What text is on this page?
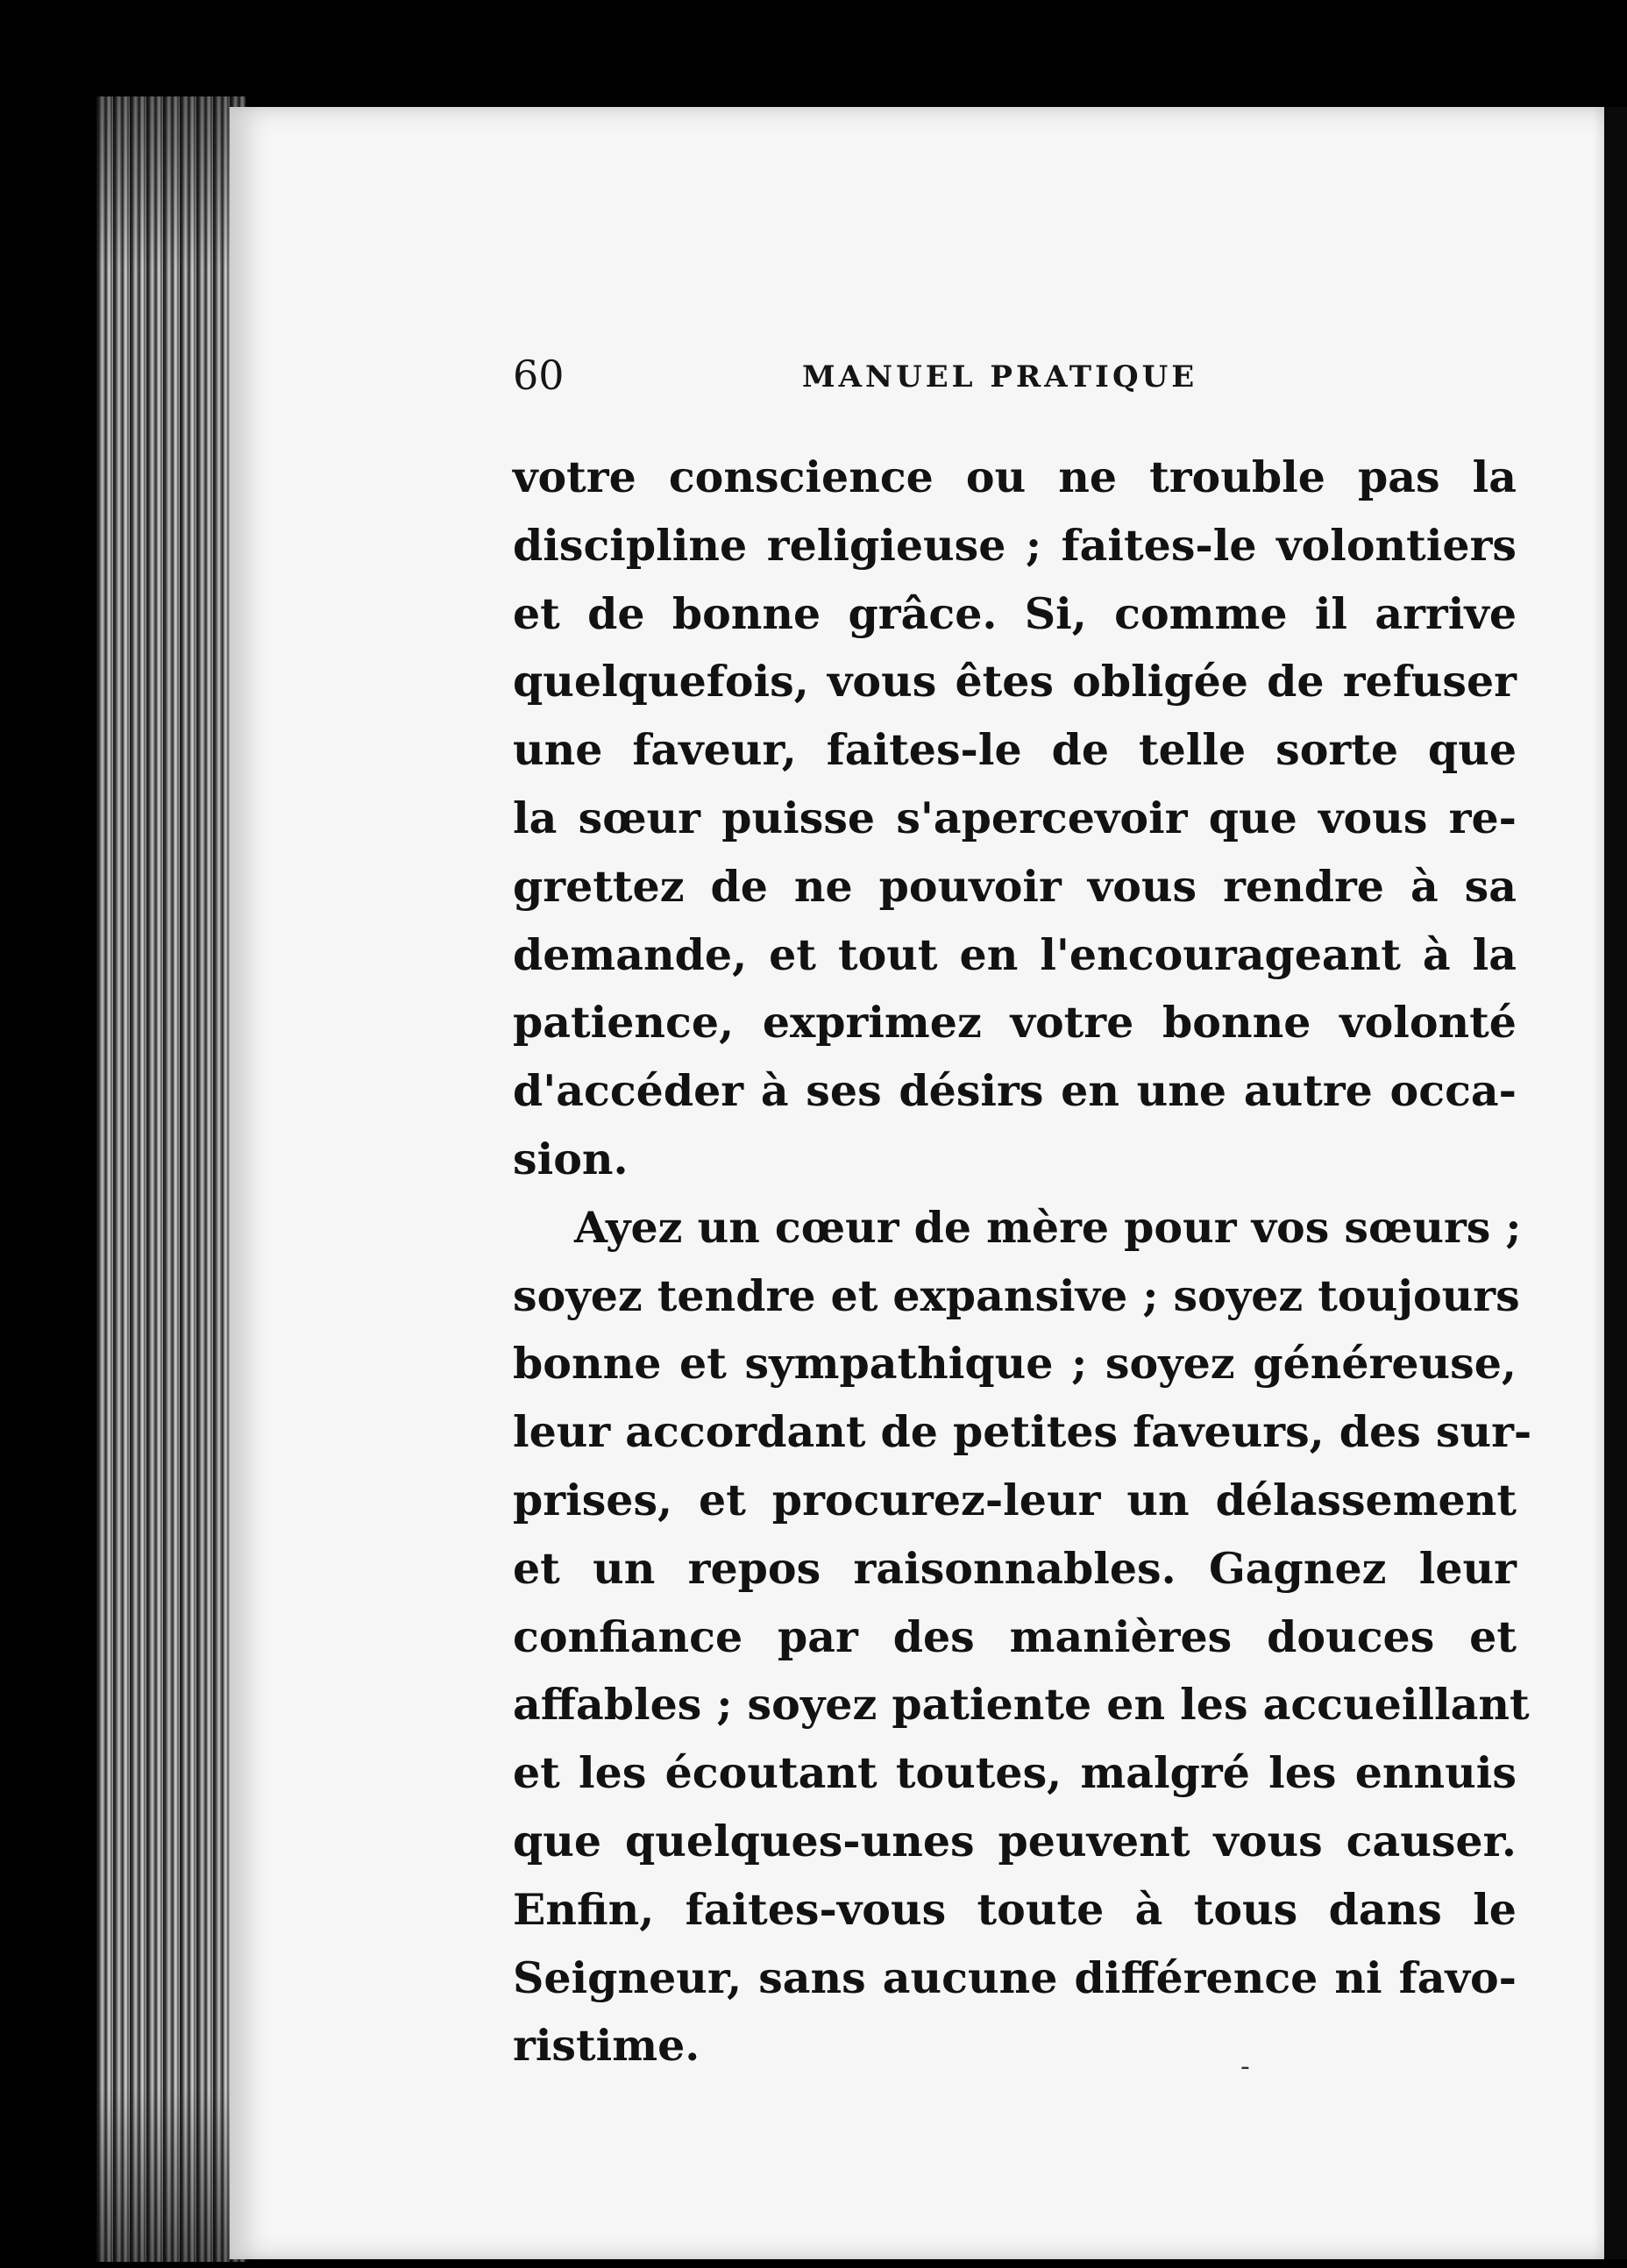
60	MANUEL PRATIQUE

votre conscience ou ne trouble pas la
discipline religieuse ; faites-le volontiers
et de bonne grâce. Si, comme il arrive
quelquefois, vous êtes obligée de refuser
une faveur, faites-le de telle sorte que
la sœur puisse s'apercevoir que vous re-
grettez de ne pouvoir vous rendre à sa
demande, et tout en l'encourageant à la
patience, exprimez votre bonne volonté
d'accéder à ses désirs en une autre occa-
sion.

Ayez un cœur de mère pour vos sœurs ;
soyez tendre et expansive ; soyez toujours
bonne et sympathique ; soyez généreuse,
leur accordant de petites faveurs, des sur-
prises, et procurez-leur un délassement
et un repos raisonnables. Gagnez leur
confiance par des manières douces et
affables ; soyez patiente en les accueillant
et les écoutant toutes, malgré les ennuis
que quelques-unes peuvent vous causer.
Enfin, faites-vous toute à tous dans le
Seigneur, sans aucune différence ni favo-
ristime.	-
